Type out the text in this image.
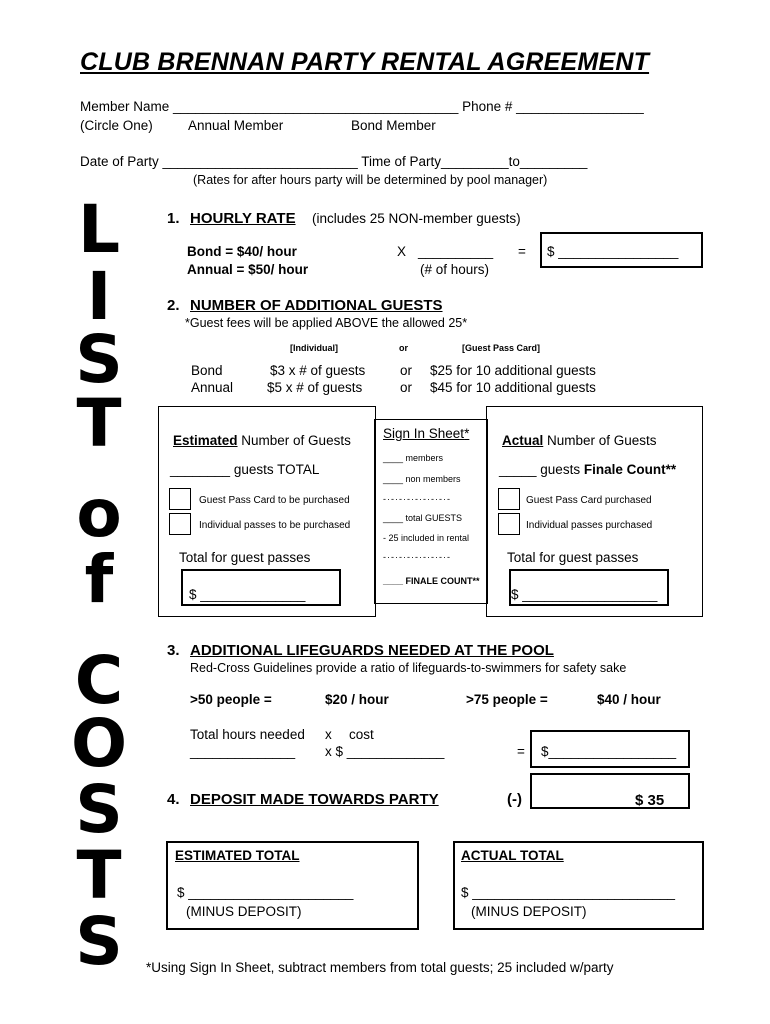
CLUB BRENNAN PARTY RENTAL AGREEMENT
Member Name ______________________________________ Phone # _________________
(Circle One)	Annual Member	Bond Member
Date of Party __________________________ Time of Party_________to_________
(Rates for after hours party will be determined by pool manager)
L
I
S
T
o
f
C
O
S
T
S
1. HOURLY RATE (includes 25 NON-member guests)
Bond = $40/ hour
Annual = $50/ hour
X __________ =
(# of hours)
$ ________________
2. NUMBER OF ADDITIONAL GUESTS
*Guest fees will be applied ABOVE the allowed 25*
[Individual]	or	[Guest Pass Card]
Bond	$3 x # of guests	or $25 for 10 additional guests
Annual	$5 x # of guests	or $45 for 10 additional guests
Estimated Number of Guests
________ guests TOTAL
Guest Pass Card to be purchased
Individual passes to be purchased
Total for guest passes
$ ______________
Sign In Sheet*
____ members
____ non members
-·-·-·-·-·-·-·-·-
____ total GUESTS
- 25 included in rental
-·-·-·-·-·-·-·-·-
____ FINALE COUNT**
Actual Number of Guests
_____ guests Finale Count**
Guest Pass Card purchased
Individual passes purchased
Total for guest passes
$ __________________
3. ADDITIONAL LIFEGUARDS NEEDED AT THE POOL
Red-Cross Guidelines provide a ratio of lifeguards-to-swimmers for safety sake
>50 people =	$20 / hour	>75 people =	$40 / hour
Total hours needed x cost
______________ x $ _____________	= $_________________
4. DEPOSIT MADE TOWARDS PARTY	(-)	$ 35
ESTIMATED TOTAL
$ ______________________
(MINUS DEPOSIT)
ACTUAL TOTAL
$ ___________________________
(MINUS DEPOSIT)
*Using Sign In Sheet, subtract members from total guests; 25 included w/party
